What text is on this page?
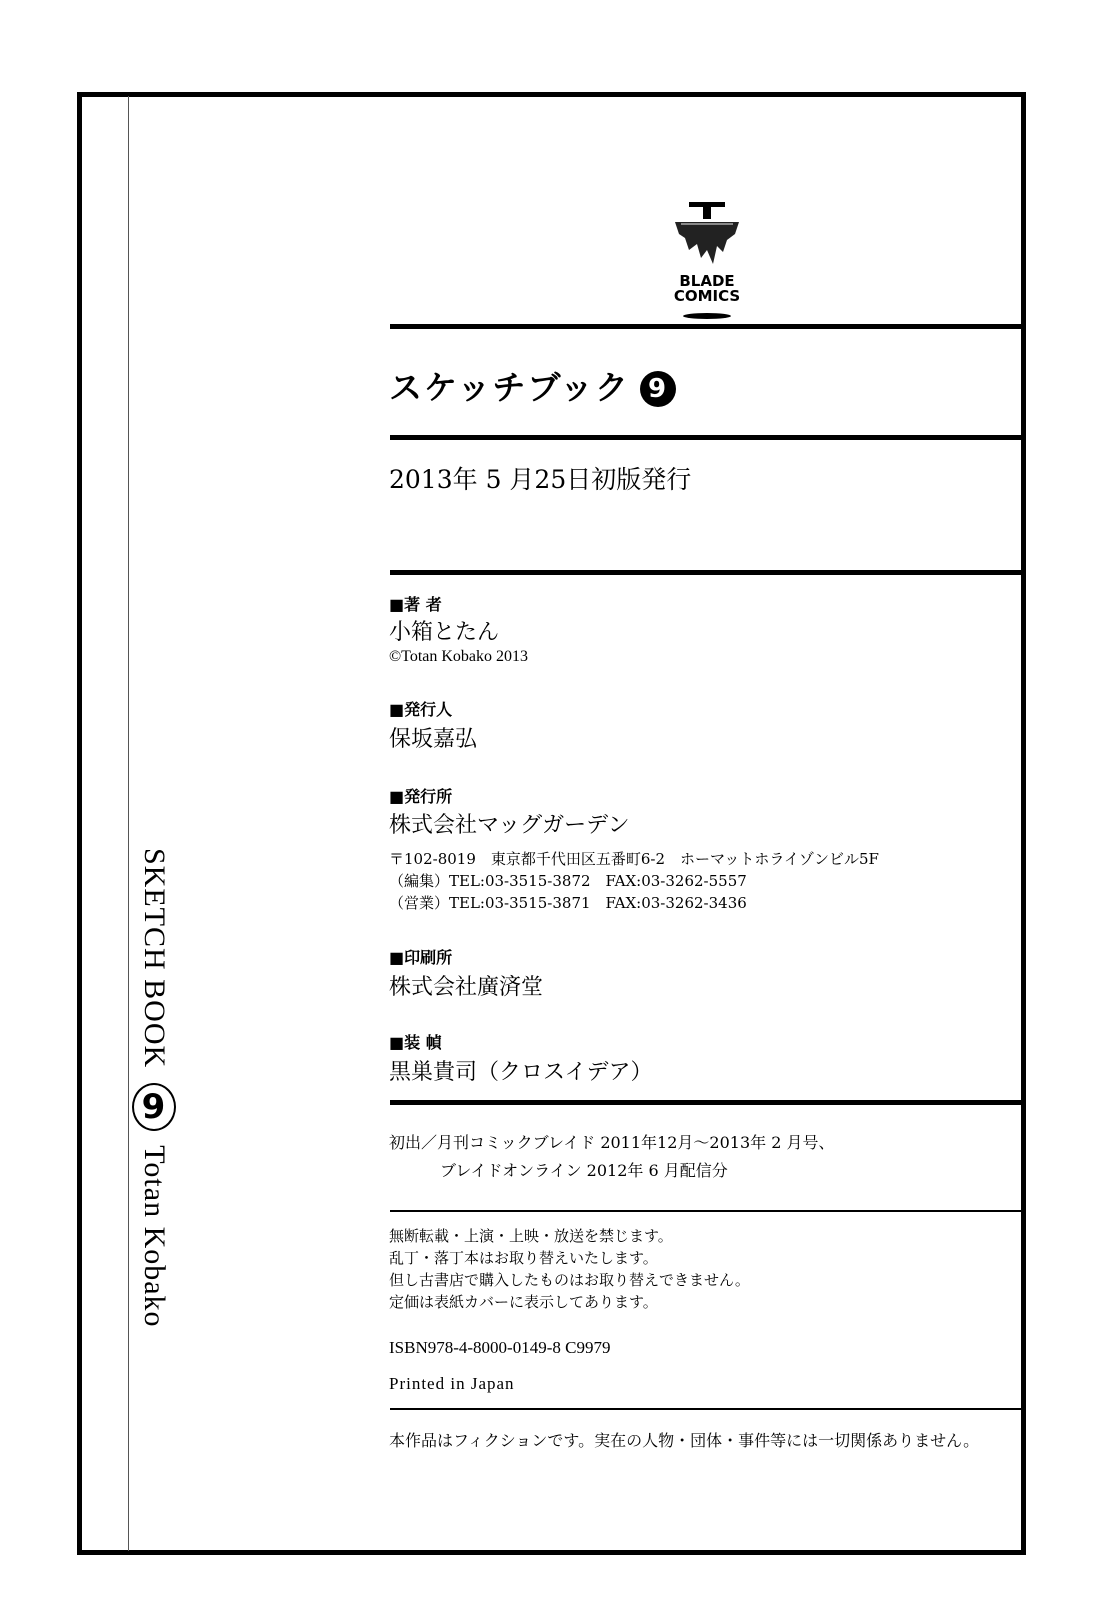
SKETCH BOOK 9 Totan Kobako
BLADE
COMICS
スケッチブック 9
2013年 5 月25日初版発行
■著 者
小箱とたん
©Totan Kobako 2013
■発行人
保坂嘉弘
■発行所
株式会社マッグガーデン
〒102-8019　東京都千代田区五番町6-2　ホーマットホライゾンビル5F
（編集）TEL:03-3515-3872　FAX:03-3262-5557
（営業）TEL:03-3515-3871　FAX:03-3262-3436
■印刷所
株式会社廣済堂
■装 幀
黒巣貴司（クロスイデア）
初出／月刊コミックブレイド 2011年12月～2013年 2 月号、
ブレイドオンライン 2012年 6 月配信分
無断転載・上演・上映・放送を禁じます。
乱丁・落丁本はお取り替えいたします。
但し古書店で購入したものはお取り替えできません。
定価は表紙カバーに表示してあります。
ISBN978-4-8000-0149-8 C9979
Printed in Japan
本作品はフィクションです。実在の人物・団体・事件等には一切関係ありません。
